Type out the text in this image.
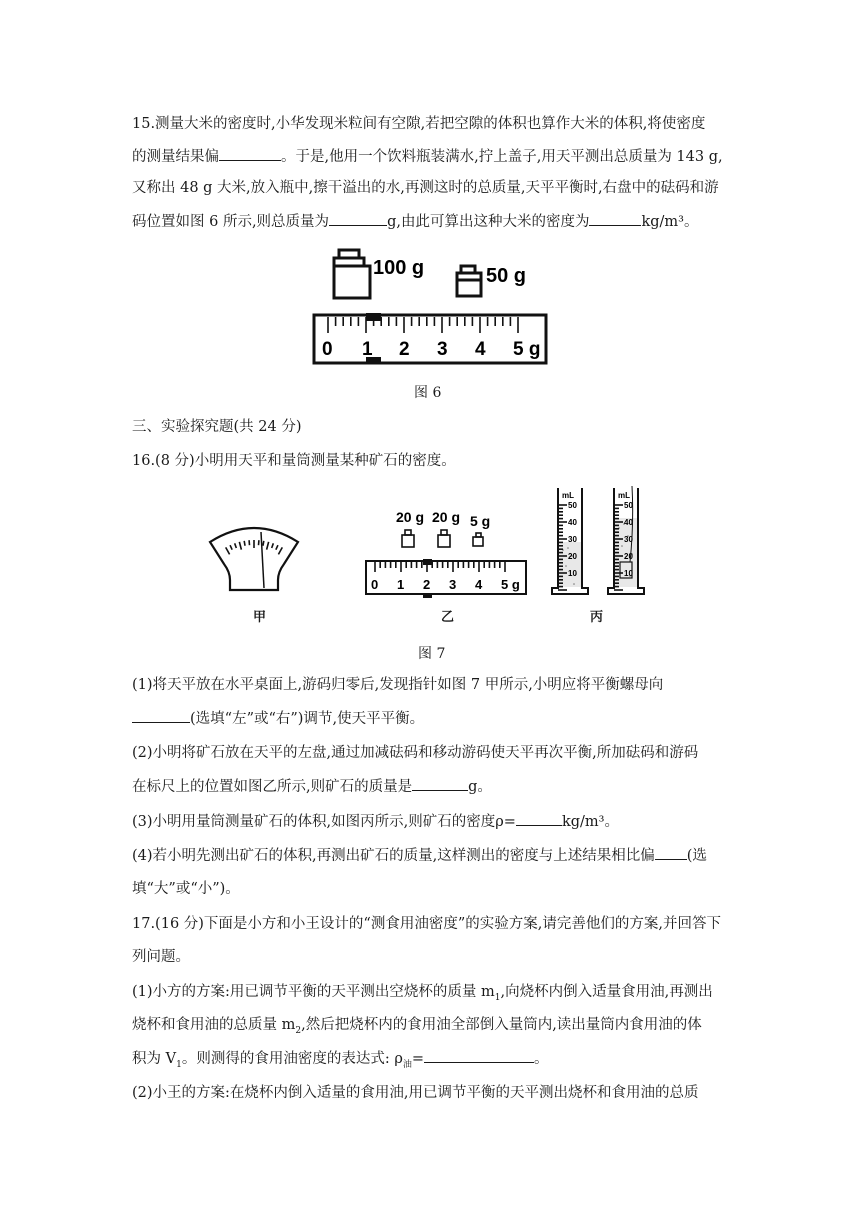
15.测量大米的密度时,小华发现米粒间有空隙,若把空隙的体积也算作大米的体积,将使密度
的测量结果偏	。于是,他用一个饮料瓶装满水,拧上盖子,用天平测出总质量为 143 g,
又称出 48 g 大米,放入瓶中,擦干溢出的水,再测这时的总质量,天平平衡时,右盘中的砝码和游
码位置如图 6 所示,则总质量为	g,由此可算出这种大米的密度为	kg/m³。
100 g	50 g
0 1 2 3 4 5 g
图 6
三、实验探究题(共 24 分)
16.(8 分)小明用天平和量筒测量某种矿石的密度。
甲
20 g 20 g 5 g
0 1 2 3 4 5 g
乙
mL
50
40
30
20
10
mL
50
40
30
20
10
丙
图 7
(1)将天平放在水平桌面上,游码归零后,发现指针如图 7 甲所示,小明应将平衡螺母向
(选填“左”或“右”)调节,使天平平衡。
(2)小明将矿石放在天平的左盘,通过加减砝码和移动游码使天平再次平衡,所加砝码和游码
在标尺上的位置如图乙所示,则矿石的质量是	g。
(3)小明用量筒测量矿石的体积,如图丙所示,则矿石的密度ρ=	kg/m³。
(4)若小明先测出矿石的体积,再测出矿石的质量,这样测出的密度与上述结果相比偏 (选
填“大”或“小”)。
17.(16 分)下面是小方和小王设计的“测食用油密度”的实验方案,请完善他们的方案,并回答下
列问题。
(1)小方的方案:用已调节平衡的天平测出空烧杯的质量 $m_1$,向烧杯内倒入适量食用油,再测出
烧杯和食用油的总质量 $m_2$,然后把烧杯内的食用油全部倒入量筒内,读出量筒内食用油的体
积为 $V_1$。则测得的食用油密度的表达式: $\rho_油=$	。
(2)小王的方案:在烧杯内倒入适量的食用油,用已调节平衡的天平测出烧杯和食用油的总质
